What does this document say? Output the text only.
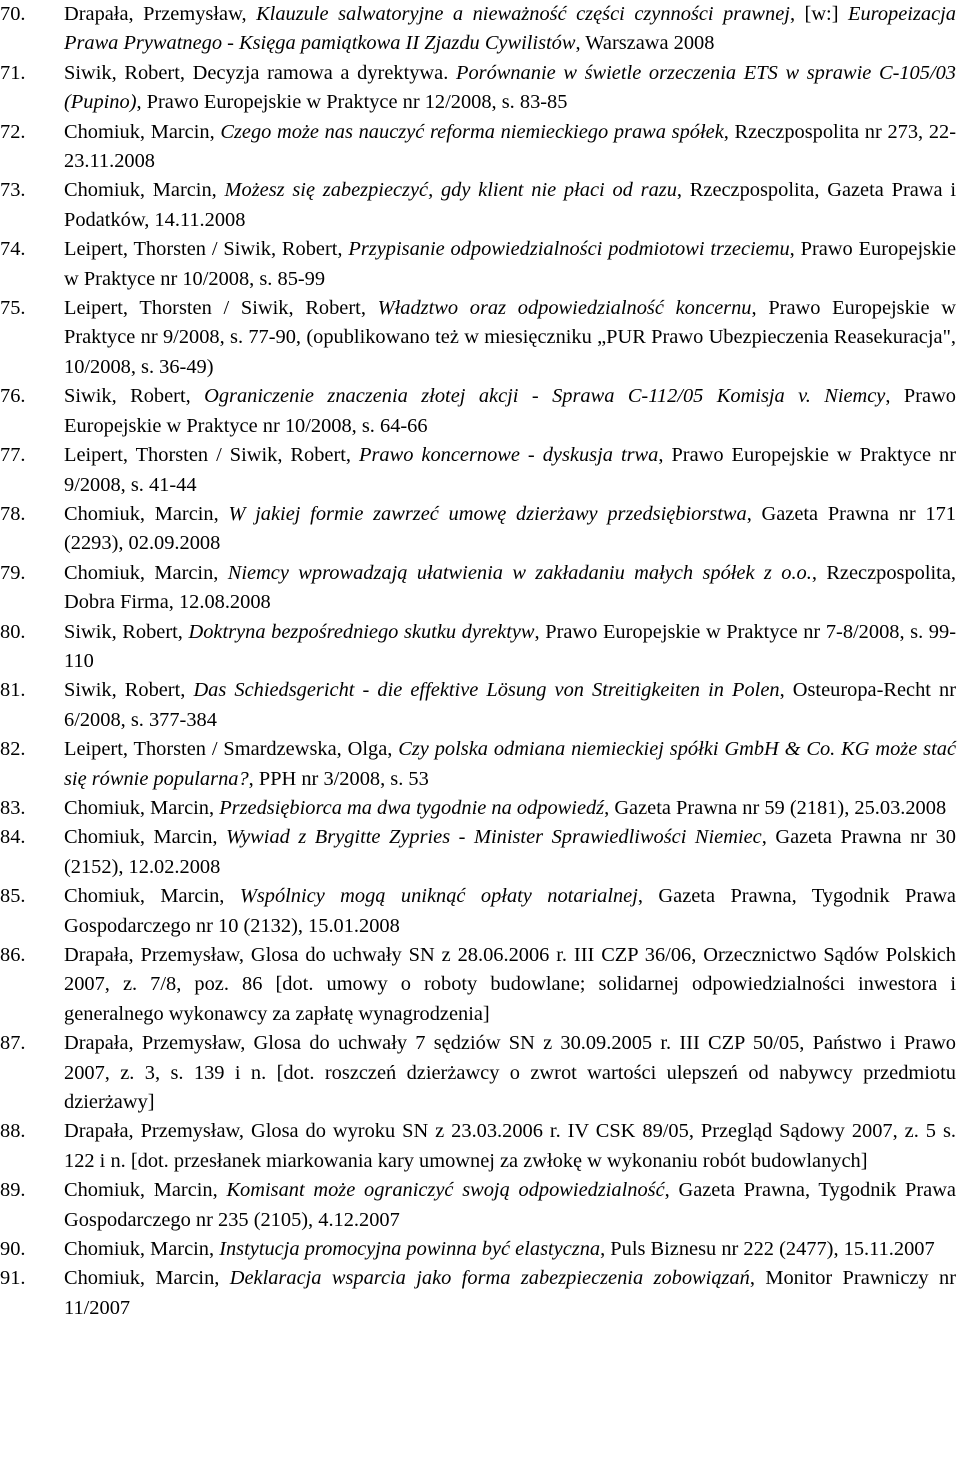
70. Drapała, Przemysław, Klauzule salwatoryjne a nieważność części czynności prawnej, [w:] Europeizacja Prawa Prywatnego - Księga pamiątkowa II Zjazdu Cywilistów, Warszawa 2008
71. Siwik, Robert, Decyzja ramowa a dyrektywa. Porównanie w świetle orzeczenia ETS w sprawie C-105/03 (Pupino), Prawo Europejskie w Praktyce nr 12/2008, s. 83-85
72. Chomiuk, Marcin, Czego może nas nauczyć reforma niemieckiego prawa spółek, Rzeczpospolita nr 273, 22-23.11.2008
73. Chomiuk, Marcin, Możesz się zabezpieczyć, gdy klient nie płaci od razu, Rzeczpospolita, Gazeta Prawa i Podatków, 14.11.2008
74. Leipert, Thorsten / Siwik, Robert, Przypisanie odpowiedzialności podmiotowi trzeciemu, Prawo Europejskie w Praktyce nr 10/2008, s. 85-99
75. Leipert, Thorsten / Siwik, Robert, Władztwo oraz odpowiedzialność koncernu, Prawo Europejskie w Praktyce nr 9/2008, s. 77-90, (opublikowano też w miesięczniku „PUR Prawo Ubezpieczenia Reasekuracja", 10/2008, s. 36-49)
76. Siwik, Robert, Ograniczenie znaczenia złotej akcji - Sprawa C-112/05 Komisja v. Niemcy, Prawo Europejskie w Praktyce nr 10/2008, s. 64-66
77. Leipert, Thorsten / Siwik, Robert, Prawo koncernowe - dyskusja trwa, Prawo Europejskie w Praktyce nr 9/2008, s. 41-44
78. Chomiuk, Marcin, W jakiej formie zawrzeć umowę dzierżawy przedsiębiorstwa, Gazeta Prawna nr 171 (2293), 02.09.2008
79. Chomiuk, Marcin, Niemcy wprowadzają ułatwienia w zakładaniu małych spółek z o.o., Rzeczpospolita, Dobra Firma, 12.08.2008
80. Siwik, Robert, Doktryna bezpośredniego skutku dyrektyw, Prawo Europejskie w Praktyce nr 7-8/2008, s. 99-110
81. Siwik, Robert, Das Schiedsgericht - die effektive Lösung von Streitigkeiten in Polen, Osteuropa-Recht nr 6/2008, s. 377-384
82. Leipert, Thorsten / Smardzewska, Olga, Czy polska odmiana niemieckiej spółki GmbH & Co. KG może stać się równie popularna?, PPH nr 3/2008, s. 53
83. Chomiuk, Marcin, Przedsiębiorca ma dwa tygodnie na odpowiedź, Gazeta Prawna nr 59 (2181), 25.03.2008
84. Chomiuk, Marcin, Wywiad z Brygitte Zypries - Minister Sprawiedliwości Niemiec, Gazeta Prawna nr 30 (2152), 12.02.2008
85. Chomiuk, Marcin, Wspólnicy mogą uniknąć opłaty notarialnej, Gazeta Prawna, Tygodnik Prawa Gospodarczego nr 10 (2132), 15.01.2008
86. Drapała, Przemysław, Glosa do uchwały SN z 28.06.2006 r. III CZP 36/06, Orzecznictwo Sądów Polskich 2007, z. 7/8, poz. 86 [dot. umowy o roboty budowlane; solidarnej odpowiedzialności inwestora i generalnego wykonawcy za zapłatę wynagrodzenia]
87. Drapała, Przemysław, Glosa do uchwały 7 sędziów SN z 30.09.2005 r. III CZP 50/05, Państwo i Prawo 2007, z. 3, s. 139 i n. [dot. roszczeń dzierżawcy o zwrot wartości ulepszeń od nabywcy przedmiotu dzierżawy]
88. Drapała, Przemysław, Glosa do wyroku SN z 23.03.2006 r. IV CSK 89/05, Przegląd Sądowy 2007, z. 5 s. 122 i n. [dot. przesłanek miarkowania kary umownej za zwłokę w wykonaniu robót budowlanych]
89. Chomiuk, Marcin, Komisant może ograniczyć swoją odpowiedzialność, Gazeta Prawna, Tygodnik Prawa Gospodarczego nr 235 (2105), 4.12.2007
90. Chomiuk, Marcin, Instytucja promocyjna powinna być elastyczna, Puls Biznesu nr 222 (2477), 15.11.2007
91. Chomiuk, Marcin, Deklaracja wsparcia jako forma zabezpieczenia zobowiązań, Monitor Prawniczy nr 11/2007
